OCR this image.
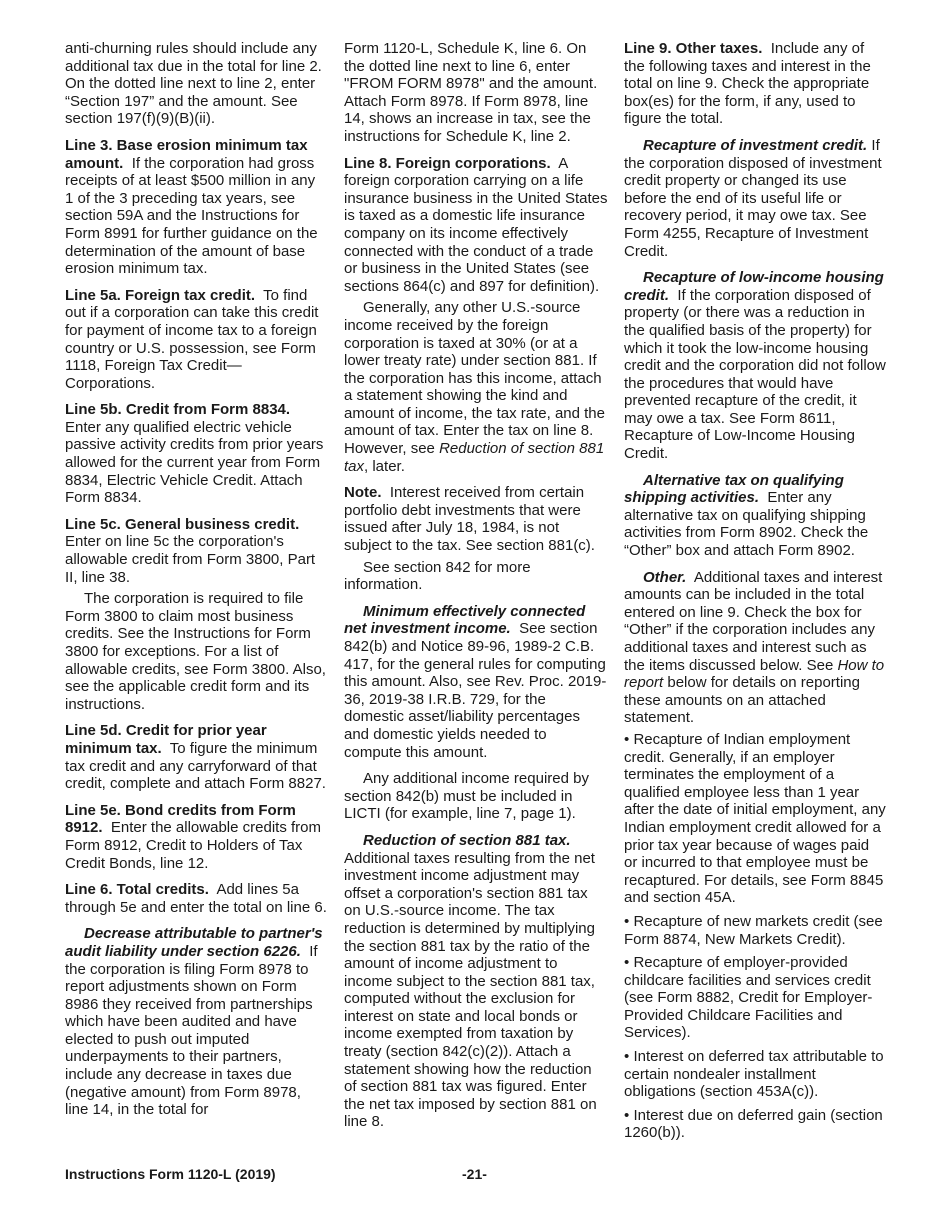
anti-churning rules should include any additional tax due in the total for line 2. On the dotted line next to line 2, enter “Section 197” and the amount. See section 197(f)(9)(B)(ii).

Line 3. Base erosion minimum tax amount. If the corporation had gross receipts of at least $500 million in any 1 of the 3 preceding tax years, see section 59A and the Instructions for Form 8991 for further guidance on the determination of the amount of base erosion minimum tax.

Line 5a. Foreign tax credit. To find out if a corporation can take this credit for payment of income tax to a foreign country or U.S. possession, see Form 1118, Foreign Tax Credit—Corporations.

Line 5b. Credit from Form 8834. Enter any qualified electric vehicle passive activity credits from prior years allowed for the current year from Form 8834, Electric Vehicle Credit. Attach Form 8834.

Line 5c. General business credit. Enter on line 5c the corporation's allowable credit from Form 3800, Part II, line 38.

The corporation is required to file Form 3800 to claim most business credits. See the Instructions for Form 3800 for exceptions. For a list of allowable credits, see Form 3800. Also, see the applicable credit form and its instructions.

Line 5d. Credit for prior year minimum tax. To figure the minimum tax credit and any carryforward of that credit, complete and attach Form 8827.

Line 5e. Bond credits from Form 8912. Enter the allowable credits from Form 8912, Credit to Holders of Tax Credit Bonds, line 12.

Line 6. Total credits. Add lines 5a through 5e and enter the total on line 6.

Decrease attributable to partner's audit liability under section 6226. If the corporation is filing Form 8978 to report adjustments shown on Form 8986 they received from partnerships which have been audited and have elected to push out imputed underpayments to their partners, include any decrease in taxes due (negative amount) from Form 8978, line 14, in the total for

Form 1120-L, Schedule K, line 6. On the dotted line next to line 6, enter "FROM FORM 8978" and the amount. Attach Form 8978. If Form 8978, line 14, shows an increase in tax, see the instructions for Schedule K, line 2.

Line 8. Foreign corporations. A foreign corporation carrying on a life insurance business in the United States is taxed as a domestic life insurance company on its income effectively connected with the conduct of a trade or business in the United States (see sections 864(c) and 897 for definition).

Generally, any other U.S.-source income received by the foreign corporation is taxed at 30% (or at a lower treaty rate) under section 881. If the corporation has this income, attach a statement showing the kind and amount of income, the tax rate, and the amount of tax. Enter the tax on line 8. However, see Reduction of section 881 tax, later.

Note. Interest received from certain portfolio debt investments that were issued after July 18, 1984, is not subject to the tax. See section 881(c).

See section 842 for more information.

Minimum effectively connected net investment income. See section 842(b) and Notice 89-96, 1989-2 C.B. 417, for the general rules for computing this amount. Also, see Rev. Proc. 2019-36, 2019-38 I.R.B. 729, for the domestic asset/liability percentages and domestic yields needed to compute this amount.

Any additional income required by section 842(b) must be included in LICTI (for example, line 7, page 1).

Reduction of section 881 tax. Additional taxes resulting from the net investment income adjustment may offset a corporation's section 881 tax on U.S.-source income. The tax reduction is determined by multiplying the section 881 tax by the ratio of the amount of income adjustment to income subject to the section 881 tax, computed without the exclusion for interest on state and local bonds or income exempted from taxation by treaty (section 842(c)(2)). Attach a statement showing how the reduction of section 881 tax was figured. Enter the net tax imposed by section 881 on line 8.

Line 9. Other taxes. Include any of the following taxes and interest in the total on line 9. Check the appropriate box(es) for the form, if any, used to figure the total.

Recapture of investment credit. If the corporation disposed of investment credit property or changed its use before the end of its useful life or recovery period, it may owe tax. See Form 4255, Recapture of Investment Credit.

Recapture of low-income housing credit. If the corporation disposed of property (or there was a reduction in the qualified basis of the property) for which it took the low-income housing credit and the corporation did not follow the procedures that would have prevented recapture of the credit, it may owe a tax. See Form 8611, Recapture of Low-Income Housing Credit.

Alternative tax on qualifying shipping activities. Enter any alternative tax on qualifying shipping activities from Form 8902. Check the “Other” box and attach Form 8902.

Other. Additional taxes and interest amounts can be included in the total entered on line 9. Check the box for “Other” if the corporation includes any additional taxes and interest such as the items discussed below. See How to report below for details on reporting these amounts on an attached statement.

• Recapture of Indian employment credit. Generally, if an employer terminates the employment of a qualified employee less than 1 year after the date of initial employment, any Indian employment credit allowed for a prior tax year because of wages paid or incurred to that employee must be recaptured. For details, see Form 8845 and section 45A.

• Recapture of new markets credit (see Form 8874, New Markets Credit).

• Recapture of employer-provided childcare facilities and services credit (see Form 8882, Credit for Employer-Provided Childcare Facilities and Services).

• Interest on deferred tax attributable to certain nondealer installment obligations (section 453A(c)).

• Interest due on deferred gain (section 1260(b)).

Instructions Form 1120-L (2019)	-21-
